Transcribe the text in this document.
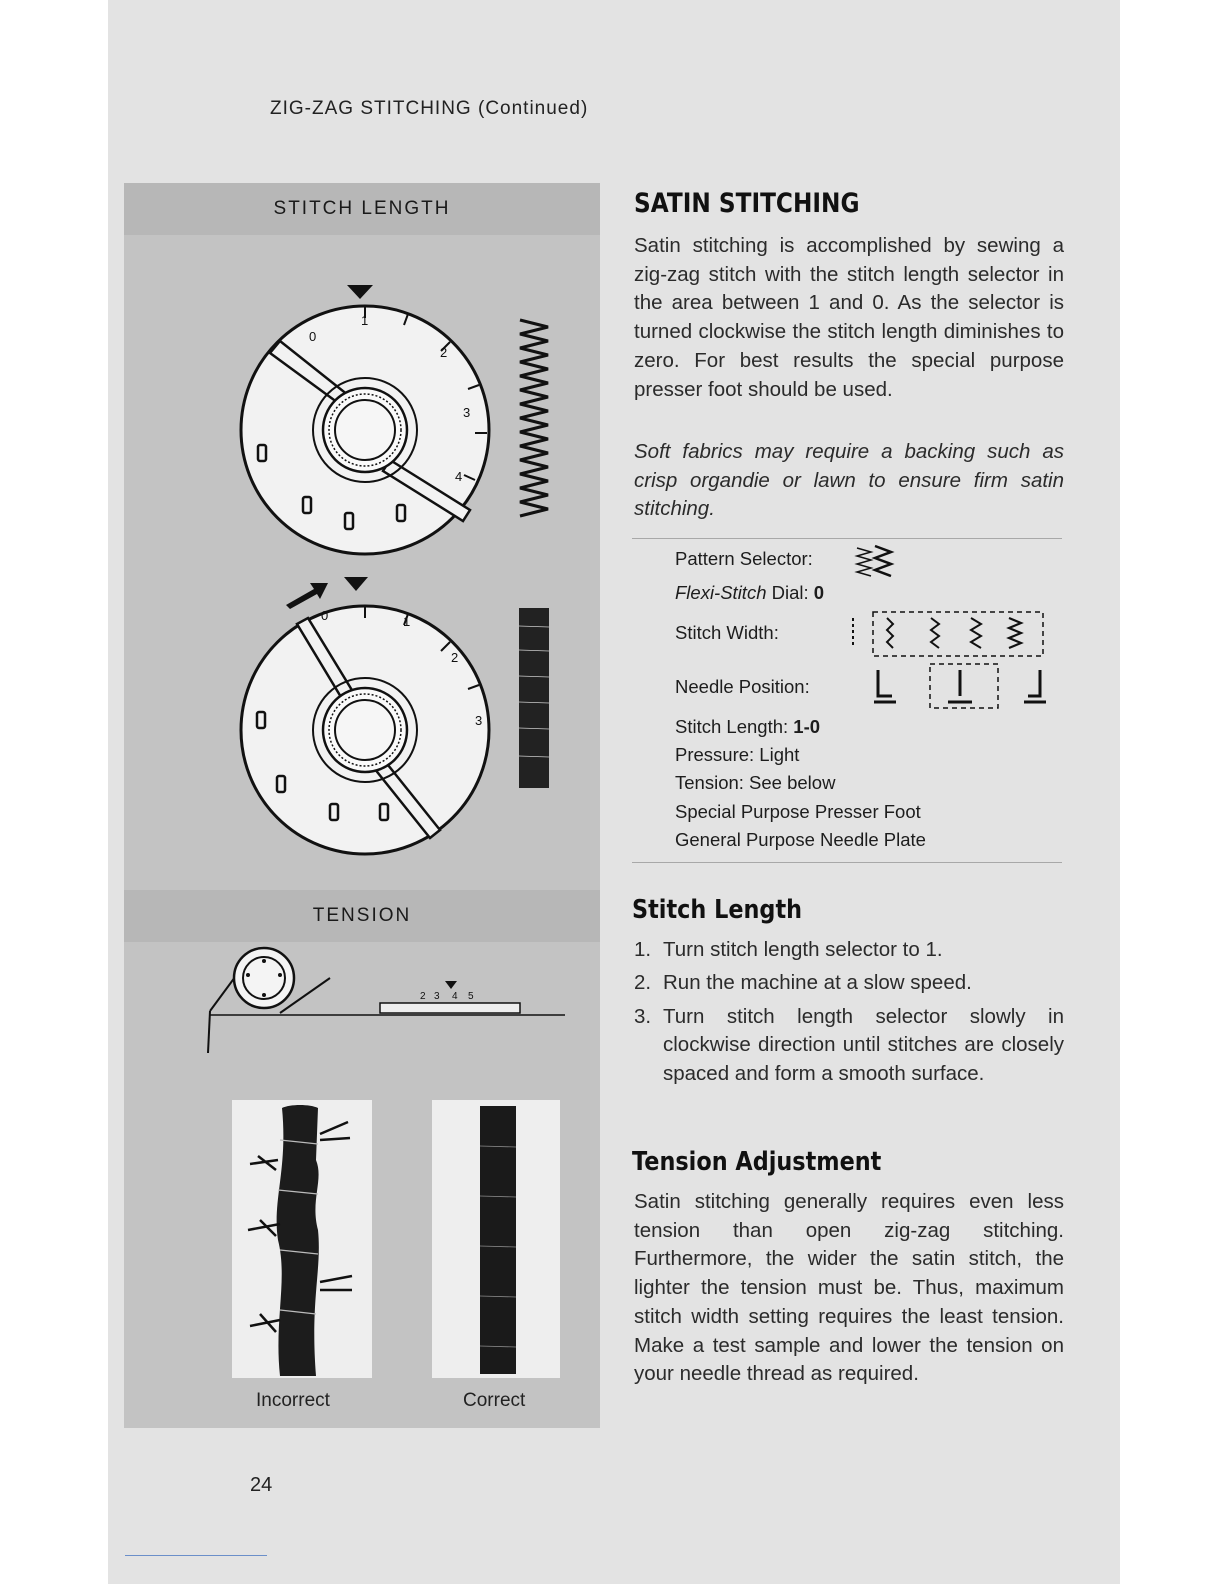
ZIG-ZAG STITCHING (Continued)
STITCH LENGTH
TENSION
0
1
2
3
4
0	1
2
3
2 3 4 5
Incorrect	Correct
SATIN STITCHING

Satin stitching is accomplished by sewing a zig-zag stitch with the stitch length selector in the area between 1 and 0. As the selector is turned clockwise the stitch length diminishes to zero. For best results the special purpose presser foot should be used.

Soft fabrics may require a backing such as crisp organdie or lawn to ensure firm satin stitching.

Pattern Selector:
Flexi-Stitch Dial: 0
Stitch Width:
Needle Position:
Stitch Length: 1-0
Pressure: Light
Tension: See below
Special Purpose Presser Foot
General Purpose Needle Plate
Stitch Length
1. Turn stitch length selector to 1.
2. Run the machine at a slow speed.
3. Turn stitch length selector slowly in clockwise direction until stitches are closely spaced and form a smooth surface.
Tension Adjustment

Satin stitching generally requires even less tension than open zig-zag stitching. Furthermore, the wider the satin stitch, the lighter the tension must be. Thus, maximum stitch width setting requires the least tension. Make a test sample and lower the tension on your needle thread as required.

24
